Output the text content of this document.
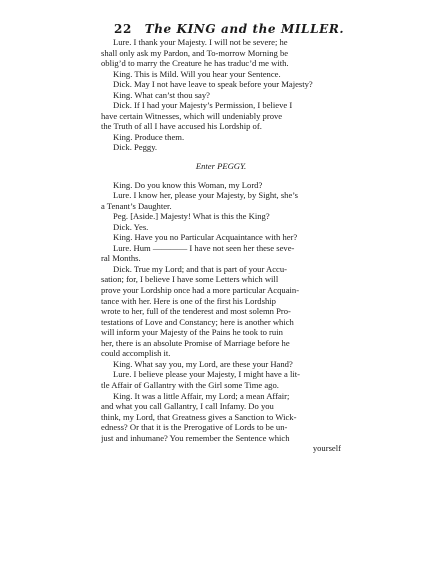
22 The KING and the MILLER.
Lure. I thank your Majesty. I will not be severe; he
shall only ask my Pardon, and To-morrow Morning be
oblig’d to marry the Creature he has traduc’d me with.
King. This is Mild. Will you hear your Sentence.
Dick. May I not have leave to speak before your Majesty?
King. What can’st thou say?
Dick. If I had your Majesty’s Permission, I believe I
have certain Witnesses, which will undeniably prove
the Truth of all I have accused his Lordship of.
King. Produce them.
Dick. Peggy.
Enter PEGGY.
King. Do you know this Woman, my Lord?
Lure. I know her, please your Majesty, by Sight, she’s
a Tenant’s Daughter.
Peg. [Aside.] Majesty! What is this the King?
Dick. Yes.
King. Have you no Particular Acquaintance with her?
Lure. Hum ———— I have not seen her these seve-
ral Months.
Dick. True my Lord; and that is part of your Accu-
sation; for, I believe I have some Letters which will
prove your Lordship once had a more particular Acquain-
tance with her. Here is one of the first his Lordship
wrote to her, full of the tenderest and most solemn Pro-
testations of Love and Constancy; here is another which
will inform your Majesty of the Pains he took to ruin
her, there is an absolute Promise of Marriage before he
could accomplish it.
King. What say you, my Lord, are these your Hand?
Lure. I believe please your Majesty, I might have a lit-
tle Affair of Gallantry with the Girl some Time ago.
King. It was a little Affair, my Lord; a mean Affair;
and what you call Gallantry, I call Infamy. Do you
think, my Lord, that Greatness gives a Sanction to Wick-
edness? Or that it is the Prerogative of Lords to be un-
just and inhumane? You remember the Sentence which
yourself
